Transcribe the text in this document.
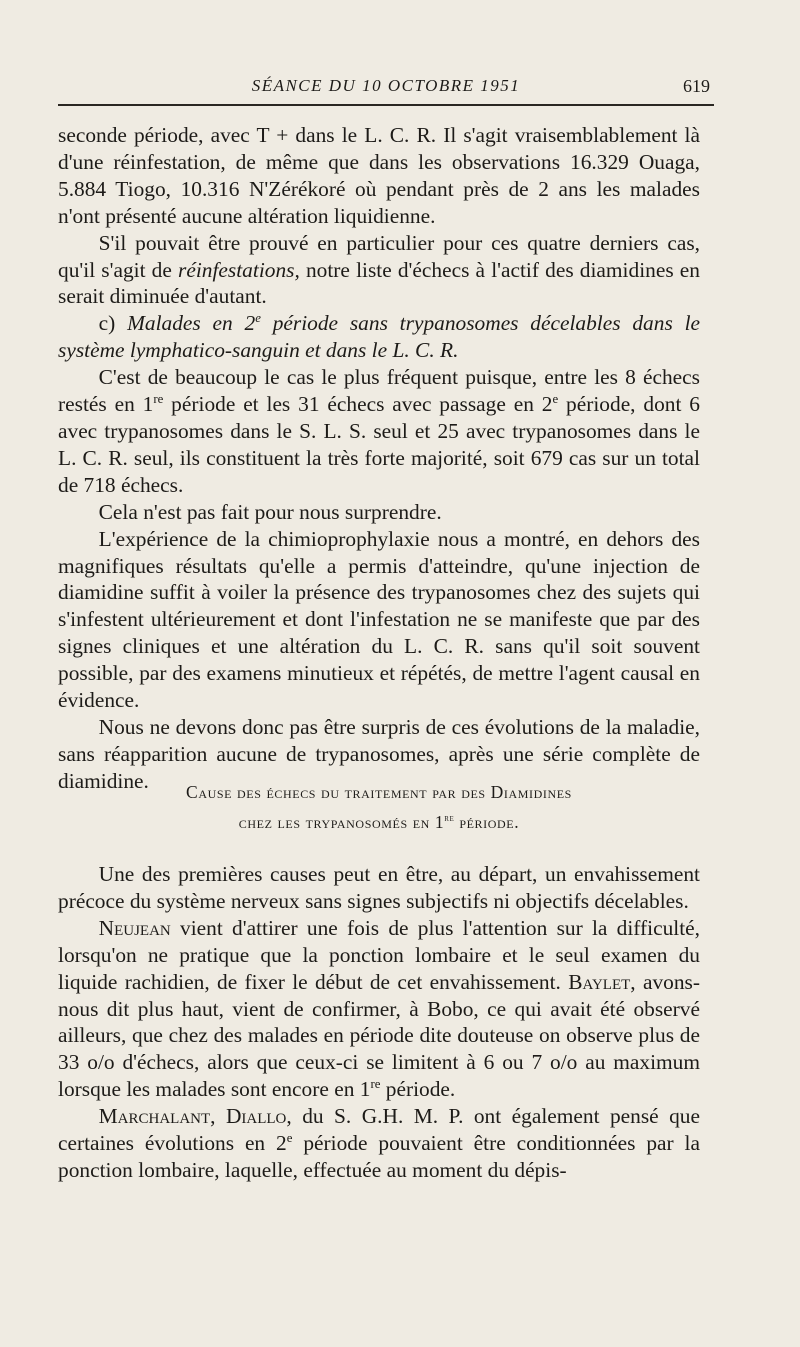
SÉANCE DU 10 OCTOBRE 1951	619

seconde période, avec T + dans le L. C. R. Il s'agit vraisemblablement là d'une réinfestation, de même que dans les observations 16.329 Ouaga, 5.884 Tiogo, 10.316 N'Zérékoré où pendant près de 2 ans les malades n'ont présenté aucune altération liquidienne.

S'il pouvait être prouvé en particulier pour ces quatre derniers cas, qu'il s'agit de réinfestations, notre liste d'échecs à l'actif des diamidines en serait diminuée d'autant.

c) Malades en 2e période sans trypanosomes décelables dans le système lymphatico-sanguin et dans le L. C. R.

C'est de beaucoup le cas le plus fréquent puisque, entre les 8 échecs restés en 1re période et les 31 échecs avec passage en 2e période, dont 6 avec trypanosomes dans le S. L. S. seul et 25 avec trypanosomes dans le L. C. R. seul, ils constituent la très forte majorité, soit 679 cas sur un total de 718 échecs.

Cela n'est pas fait pour nous surprendre.

L'expérience de la chimioprophylaxie nous a montré, en dehors des magnifiques résultats qu'elle a permis d'atteindre, qu'une injection de diamidine suffit à voiler la présence des trypanosomes chez des sujets qui s'infestent ultérieurement et dont l'infestation ne se manifeste que par des signes cliniques et une altération du L. C. R. sans qu'il soit souvent possible, par des examens minutieux et répétés, de mettre l'agent causal en évidence.

Nous ne devons donc pas être surpris de ces évolutions de la maladie, sans réapparition aucune de trypanosomes, après une série complète de diamidine.	Cause des échecs du traitement par des Diamidines
chez les trypanosomés en 1re période.

Une des premières causes peut en être, au départ, un envahissement précoce du système nerveux sans signes subjectifs ni objectifs décelables.

Neujean vient d'attirer une fois de plus l'attention sur la difficulté, lorsqu'on ne pratique que la ponction lombaire et le seul examen du liquide rachidien, de fixer le début de cet envahissement. Baylet, avons-nous dit plus haut, vient de confirmer, à Bobo, ce qui avait été observé ailleurs, que chez des malades en période dite douteuse on observe plus de 33 o/o d'échecs, alors que ceux-ci se limitent à 6 ou 7 o/o au maximum lorsque les malades sont encore en 1re période.

Marchalant, Diallo, du S. G.H. M. P. ont également pensé que certaines évolutions en 2e période pouvaient être conditionnées par la ponction lombaire, laquelle, effectuée au moment du dépis-
